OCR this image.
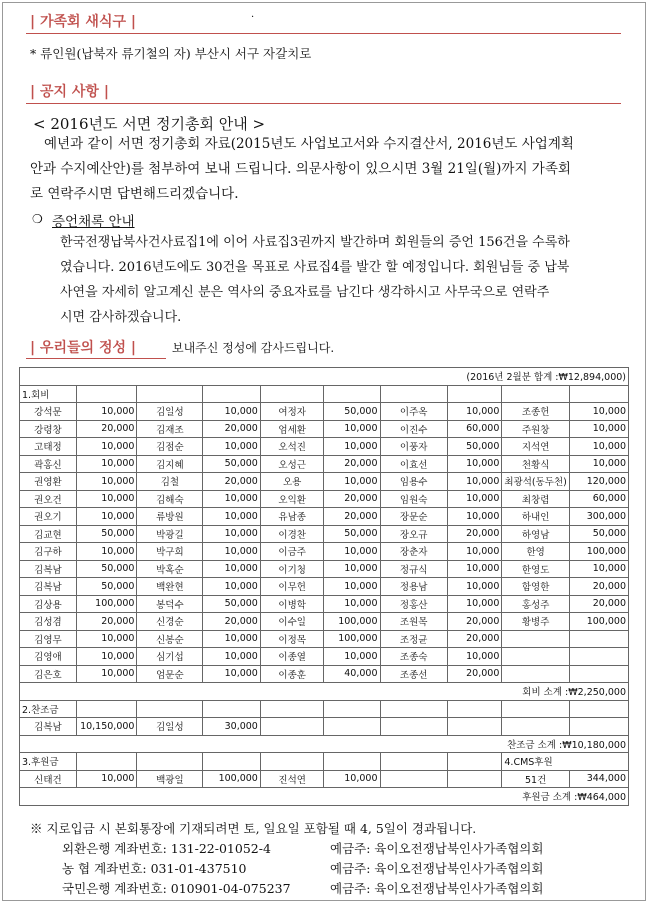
| 가족회 새식구 |	·
* 류인원(납북자 류기철의 자) 부산시 서구 자갈치로
| 공지 사항 |
< 2016년도 서면 정기총회 안내 >
예년과 같이 서면 정기총회 자료(2015년도 사업보고서와 수지결산서, 2016년도 사업계획
안과 수지예산안)를 첨부하여 보내 드립니다. 의문사항이 있으시면 3월 21일(월)까지 가족회
로 연락주시면 답변해드리겠습니다.
❍ 증언채록 안내
한국전쟁납북사건사료집1에 이어 사료집3권까지 발간하며 회원들의 증언 156건을 수록하
였습니다. 2016년도에도 30건을 목표로 사료집4를 발간 할 예정입니다. 회원님들 중 납북
사연을 자세히 알고계신 분은 역사의 중요자료를 남긴다 생각하시고 사무국으로 연락주
시면 감사하겠습니다.
| 우리들의 정성 |	보내주신 정성에 감사드립니다.
(2016년 2월분 합계 :₩12,894,000)									
1.회비									
강석문	10,000	김일성	10,000	여정자	50,000	이주옥	10,000	조종헌	10,000
강령창	20,000	김재조	20,000	엄세환	10,000	이진수	60,000	주원창	10,000
고태정	10,000	김점순	10,000	오석진	10,000	이풍자	50,000	지석연	10,000
곽홍신	10,000	김지혜	50,000	오성근	20,000	이효선	10,000	천황식	10,000
권영환	10,000	김철	20,000	오용	10,000	임용수	10,000	최광석(동두천)	120,000
권오건	10,000	김해숙	10,000	오익환	20,000	임원숙	10,000	최창렴	60,000
권오기	10,000	류방원	10,000	유남종	20,000	장문순	10,000	하내인	300,000
김교현	50,000	박광길	10,000	이경찬	50,000	장오규	20,000	하영남	50,000
김구하	10,000	박구희	10,000	이금주	10,000	장춘자	10,000	한영	100,000
김복남	50,000	박혹순	10,000	이기청	10,000	정규식	10,000	한영도	10,000
김복남	50,000	백완현	10,000	이무헌	10,000	정용남	10,000	함영한	20,000
김상용	100,000	봉덕수	50,000	이병학	10,000	정홍산	10,000	홍성주	20,000
김성겸	20,000	신경순	20,000	이수일	100,000	조원목	20,000	황병주	100,000
김영무	10,000	신봉순	10,000	이정목	100,000	조정균	20,000		
김영애	10,000	심기섭	10,000	이종열	10,000	조종숙	10,000		
김은호	10,000	엄문순	10,000	이종훈	40,000	조종선	20,000		
회비 소계 :₩2,250,000									
2.찬조금									
김복남	10,150,000	김일성	30,000						
찬조금 소계 :₩10,180,000									
3.후원금								4.CMS후원	
신태건	10,000	백광일	100,000	진석연	10,000			51건	344,000
후원금 소계 :₩464,000									
※ 지로입금 시 본회통장에 기재되려면 토, 일요일 포함될 때 4, 5일이 경과됩니다.
외환은행 계좌번호: 131-22-01052-4	예금주: 육이오전쟁납북인사가족협의회
농 협 계좌번호: 031-01-437510	예금주: 육이오전쟁납북인사가족협의회
국민은행 계좌번호: 010901-04-075237	예금주: 육이오전쟁납북인사가족협의회
